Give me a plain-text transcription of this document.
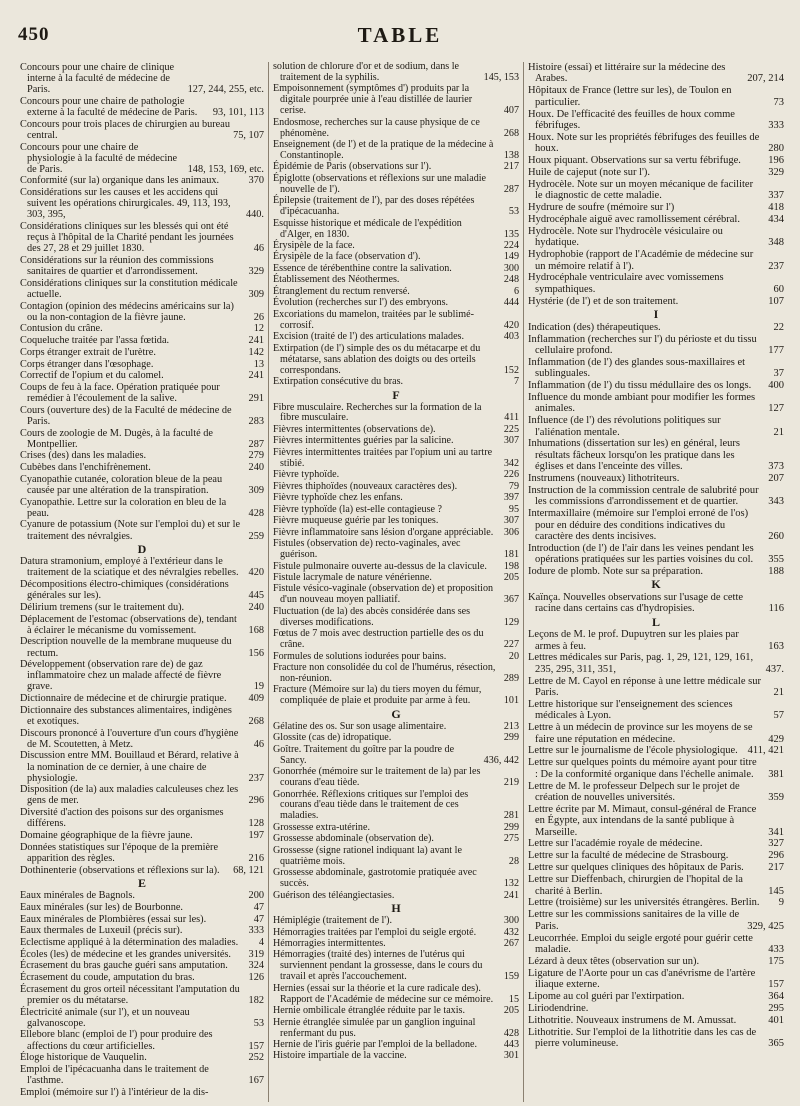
450	TABLE
Concours pour une chaire de clinique interne à la faculté de médecine de Paris.	127, 244, 255, etc.
Concours pour une chaire de pathologie externe à la faculté de médecine de Paris.	93, 101, 113
Concours pour trois places de chirurgien au bureau central.	75, 107
Concours pour une chaire de physiologie à la faculté de médecine de Paris.	148, 153, 169, etc.
Conformité (sur la) organique dans les animaux.	370
Considérations sur les causes et les accidens qui suivent les opérations chirurgicales. 49, 113, 193, 303, 395,	440.
Considérations cliniques sur les blessés qui ont été reçus à l'hôpital de la Charité pendant les journées des 27, 28 et 29 juillet 1830.	46
Considérations sur la réunion des commissions sanitaires de quartier et d'arrondissement.	329
Considérations cliniques sur la constitution médicale actuelle.	309
Contagion (opinion des médecins américains sur la) ou la non-contagion de la fièvre jaune.	26
Contusion du crâne.	12
Coqueluche traitée par l'assa fœtida.	241
Corps étranger extrait de l'urètre.	142
Corps étranger dans l'œsophage.	13
Correctif de l'opium et du calomel.	241
Coups de feu à la face. Opération pratiquée pour remédier à l'écoulement de la salive.	291
Cours (ouverture des) de la Faculté de médecine de Paris.	283
Cours de zoologie de M. Dugès, à la faculté de Montpellier.	287
Crises (des) dans les maladies.	279
Cubèbes dans l'enchifrènement.	240
Cyanopathie cutanée, coloration bleue de la peau causée par une altération de la transpiration.	309
Cyanopathie. Lettre sur la coloration en bleu de la peau.	428
Cyanure de potassium (Note sur l'emploi du) et sur le traitement des névralgies.	259
D
Datura stramonium, employé à l'extérieur dans le traitement de la sciatique et des névralgies rebelles. 420
Décompositions électro-chimiques (considérations générales sur les).	445
Délirium tremens (sur le traitement du).	240
Déplacement de l'estomac (observations de), tendant à éclairer le mécanisme du vomissement.	168
Description nouvelle de la membrane muqueuse du rectum.	156
Développement (observation rare de) de gaz inflammatoire chez un malade affecté de fièvre grave.	19
Dictionnaire de médecine et de chirurgie pratique.	409
Dictionnaire des substances alimentaires, indigènes et exotiques.	268
Discours prononcé à l'ouverture d'un cours d'hygiène de M. Scoutetten, à Metz.	46
Discussion entre MM. Bouillaud et Bérard, relative à la nomination de ce dernier, à une chaire de physiologie.	237
Disposition (de la) aux maladies calculeuses chez les gens de mer.	296
Diversité d'action des poisons sur des organismes différens.	128
Domaine géographique de la fièvre jaune.	197
Données statistiques sur l'époque de la première apparition des règles.	216
Dothinenterie (observations et réflexions sur la).	68, 121
E
Eaux minérales de Bagnols.	200
Eaux minérales (sur les) de Bourbonne.	47
Eaux minérales de Plombières (essai sur les).	47
Eaux thermales de Luxeuil (précis sur).	333
Eclectisme appliqué à la détermination des maladies.	4
Écoles (les) de médecine et les grandes universités.	319
Écrasement du bras gauche guéri sans amputation.	324
Écrasement du coude, amputation du bras.	126
Écrasement du gros orteil nécessitant l'amputation du premier os du métatarse.	182
Électricité animale (sur l'), et un nouveau galvanoscope.	53
Ellebore blanc (emploi de l') pour produire des affections du cœur artificielles.	157
Éloge historique de Vauquelin.	252
Emploi de l'ipécacuanha dans le traitement de l'asthme.	167
Emploi (mémoire sur l') à l'intérieur de la dis-
solution de chlorure d'or et de sodium, dans le traitement de la syphilis.	145, 153
Empoisonnement (symptômes d') produits par la digitale pourprée unie à l'eau distillée de laurier cerise.	407
Endosmose, recherches sur la cause physique de ce phénomène.	268
Enseignement (de l') et de la pratique de la médecine à Constantinople.	138
Épidémie de Paris (observations sur l').	217
Épiglotte (observations et réflexions sur une maladie nouvelle de l').	287
Épilepsie (traitement de l'), par des doses répétées d'ipécacuanha.	53
Esquisse historique et médicale de l'expédition d'Alger, en 1830.	135
Érysipèle de la face.	224
Érysipèle de la face (observation d').	149
Essence de térébenthine contre la salivation.	300
Établissement des Néothermes.	248
Étranglement du rectum renversé.	6
Évolution (recherches sur l') des embryons.	444
Excoriations du mamelon, traitées par le sublimé-corrosif.	420
Excision (traité de l') des articulations malades.	403
Extirpation (de l') simple des os du métacarpe et du métatarse, sans ablation des doigts ou des orteils correspondans.	152
Extirpation consécutive du bras.	7
F
Fibre musculaire. Recherches sur la formation de la fibre musculaire.	411
Fièvres intermittentes (observations de).	225
Fièvres intermittentes guéries par la salicine.	307
Fièvres intermittentes traitées par l'opium uni au tartre stibié.	342
Fièvre typhoïde.	226
Fièvres thiphoïdes (nouveaux caractères des).	79
Fièvre typhoïde chez les enfans.	397
Fièvre typhoïde (la) est-elle contagieuse ?	95
Fièvre muqueuse guérie par les toniques.	307
Fièvre inflammatoire sans lésion d'organe appréciable.	306
Fistules (observation de) recto-vaginales, avec guérison.	181
Fistule pulmonaire ouverte au-dessus de la clavicule.	198
Fistule lacrymale de nature vénérienne.	205
Fistule vésico-vaginale (observation de) et proposition d'un nouveau moyen palliatif.	367
Fluctuation (de la) des abcès considérée dans ses diverses modifications.	129
Fœtus de 7 mois avec destruction partielle des os du crâne.	227
Formules de solutions iodurées pour bains.	20
Fracture non consolidée du col de l'humérus, résection, non-réunion.	289
Fracture (Mémoire sur la) du tiers moyen du fémur, compliquée de plaie et produite par arme à feu.	101
G
Gélatine des os. Sur son usage alimentaire.	213
Glossite (cas de) idropatique.	299
Goître. Traitement du goître par la poudre de Sancy.	436, 442
Gonorrhée (mémoire sur le traitement de la) par les courans d'eau tiède.	219
Gonorrhée. Réflexions critiques sur l'emploi des courans d'eau tiède dans le traitement de ces maladies.	281
Grossesse extra-utérine.	299
Grossesse abdominale (observation de).	275
Grossesse (signe rationel indiquant la) avant le quatrième mois.	28
Grossesse abdominale, gastrotomie pratiquée avec succès.	132
Guérison des téléangiectasies.	241
H
Hémiplégie (traitement de l').	300
Hémorragies traitées par l'emploi du seigle ergoté.	432
Hémorragies intermittentes.	267
Hémorragies (traité des) internes de l'utérus qui surviennent pendant la grossesse, dans le cours du travail et après l'accouchement.	159
Hernies (essai sur la théorie et la cure radicale des). Rapport de l'Académie de médecine sur ce mémoire.	15
Hernie ombilicale étranglée réduite par le taxis.	205
Hernie étranglée simulée par un ganglion inguinal renfermant du pus.	428
Hernie de l'iris guérie par l'emploi de la belladone.	443
Histoire impartiale de la vaccine.	301
Histoire (essai) et littéraire sur la médecine des Arabes.	207, 214
Hôpitaux de France (lettre sur les), de Toulon en particulier.	73
Houx. De l'efficacité des feuilles de houx comme fébrifuges.	333
Houx. Note sur les propriétés fébrifuges des feuilles de houx.	280
Houx piquant. Observations sur sa vertu fébrifuge.	196
Huile de cajeput (note sur l').	329
Hydrocèle. Note sur un moyen mécanique de faciliter le diagnostic de cette maladie.	337
Hydrure de soufre (mémoire sur l')	418
Hydrocéphale aiguë avec ramollissement cérébral.	434
Hydrocèle. Note sur l'hydrocèle vésiculaire ou hydatique.	348
Hydrophobie (rapport de l'Académie de médecine sur un mémoire relatif à l').	237
Hydrocéphale ventriculaire avec vomissemens sympathiques.	60
Hystérie (de l') et de son traitement.	107
I
Indication (des) thérapeutiques.	22
Inflammation (recherches sur l') du périoste et du tissu cellulaire profond.	177
Inflammation (de l') des glandes sous-maxillaires et sublinguales.	37
Inflammation (de l') du tissu médullaire des os longs.	400
Influence du monde ambiant pour modifier les formes animales.	127
Influence (de l') des révolutions politiques sur l'aliénation mentale.	21
Inhumations (dissertation sur les) en général, leurs résultats fâcheux lorsqu'on les pratique dans les églises et dans l'enceinte des villes.	373
Instrumens (nouveaux) lithotriteurs.	207
Instruction de la commission centrale de salubrité pour les commissions d'arrondissement et de quartier.	343
Intermaxillaire (mémoire sur l'emploi erroné de l'os) pour en déduire des conditions indicatives du caractère des dents incisives.	260
Introduction (de l') de l'air dans les veines pendant les opérations pratiquées sur les parties voisines du col.	355
Iodure de plomb. Note sur sa préparation.	188
K
Kaïnça. Nouvelles observations sur l'usage de cette racine dans certains cas d'hydropisies.	116
L
Leçons de M. le prof. Dupuytren sur les plaies par armes à feu.	163
Lettres médicales sur Paris, pag. 1, 29, 121, 129, 161, 235, 295, 311, 351,	437.
Lettre de M. Cayol en réponse à une lettre médicale sur Paris.	21
Lettre historique sur l'enseignement des sciences médicales à Lyon.	57
Lettre à un médecin de province sur les moyens de se faire une réputation en médecine.	429
Lettre sur le journalisme de l'école physiologique. 411, 421
Lettre sur quelques points du mémoire ayant pour titre : De la conformité organique dans l'échelle animale.	381
Lettre de M. le professeur Delpech sur le projet de création de nouvelles universités.	359
Lettre écrite par M. Mimaut, consul-général de France en Égypte, aux intendans de la santé publique à Marseille.	341
Lettre sur l'académie royale de médecine.	327
Lettre sur la faculté de médecine de Strasbourg.	296
Lettre sur quelques cliniques des hôpitaux de Paris.	217
Lettre sur Dieffenbach, chirurgien de l'hopital de la charité à Berlin.	145
Lettre (troisième) sur les universités étrangères. Berlin.	9
Lettre sur les commissions sanitaires de la ville de Paris.	329, 425
Leucorrhée. Emploi du seigle ergoté pour guérir cette maladie.	433
Lézard à deux têtes (observation sur un).	175
Ligature de l'Aorte pour un cas d'anévrisme de l'artère iliaque externe.	157
Lipome au col guéri par l'extirpation.	364
Liriodendrine.	295
Lithotritie. Nouveaux instrumens de M. Amussat.	401
Lithotritie. Sur l'emploi de la lithotritie dans les cas de pierre volumineuse.	365
